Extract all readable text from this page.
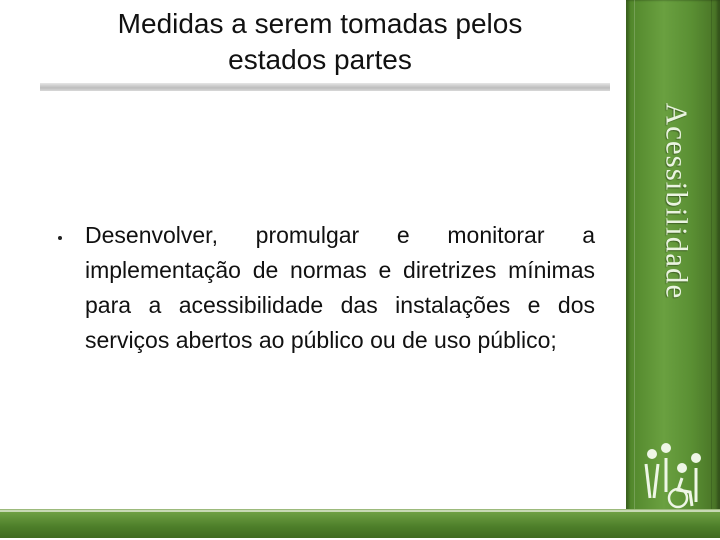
Acessibilidade
Medidas a serem tomadas pelos
estados partes
Desenvolver, promulgar e monitorar a implementação de normas e diretrizes mínimas para a acessibilidade das instalações e dos serviços abertos ao público ou de uso público;
